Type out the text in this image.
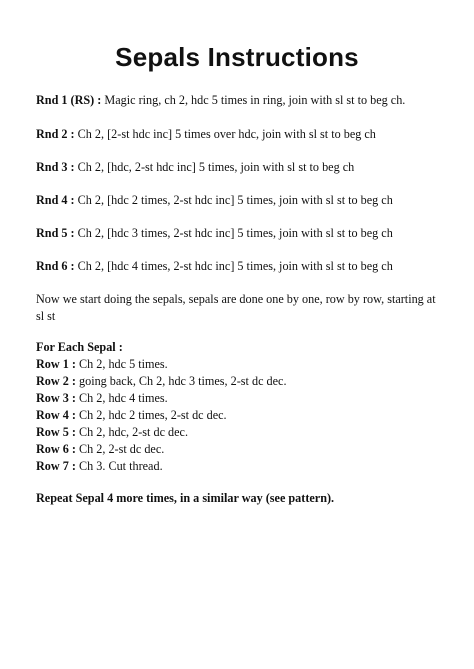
Sepals Instructions
Rnd 1 (RS) : Magic ring, ch 2, hdc 5 times in ring, join with sl st to beg ch.
Rnd 2 : Ch 2, [2-st hdc inc] 5 times over hdc, join with sl st to beg ch
Rnd 3 : Ch 2, [hdc, 2-st hdc inc] 5 times, join with sl st to beg ch
Rnd 4 : Ch 2, [hdc 2 times, 2-st hdc inc] 5 times, join with sl st to beg ch
Rnd 5 : Ch 2, [hdc 3 times, 2-st hdc inc] 5 times, join with sl st to beg ch
Rnd 6 : Ch 2, [hdc 4 times, 2-st hdc inc] 5 times, join with sl st to beg ch
Now we start doing the sepals, sepals are done one by one, row by row, starting at sl st
For Each Sepal :
Row 1 : Ch 2, hdc 5 times.
Row 2 : going back, Ch 2, hdc 3 times, 2-st dc dec.
Row 3 : Ch 2, hdc 4 times.
Row 4 : Ch 2, hdc 2 times, 2-st dc dec.
Row 5 : Ch 2, hdc, 2-st dc dec.
Row 6 : Ch 2, 2-st dc dec.
Row 7 : Ch 3. Cut thread.
Repeat Sepal 4 more times, in a similar way (see pattern).
